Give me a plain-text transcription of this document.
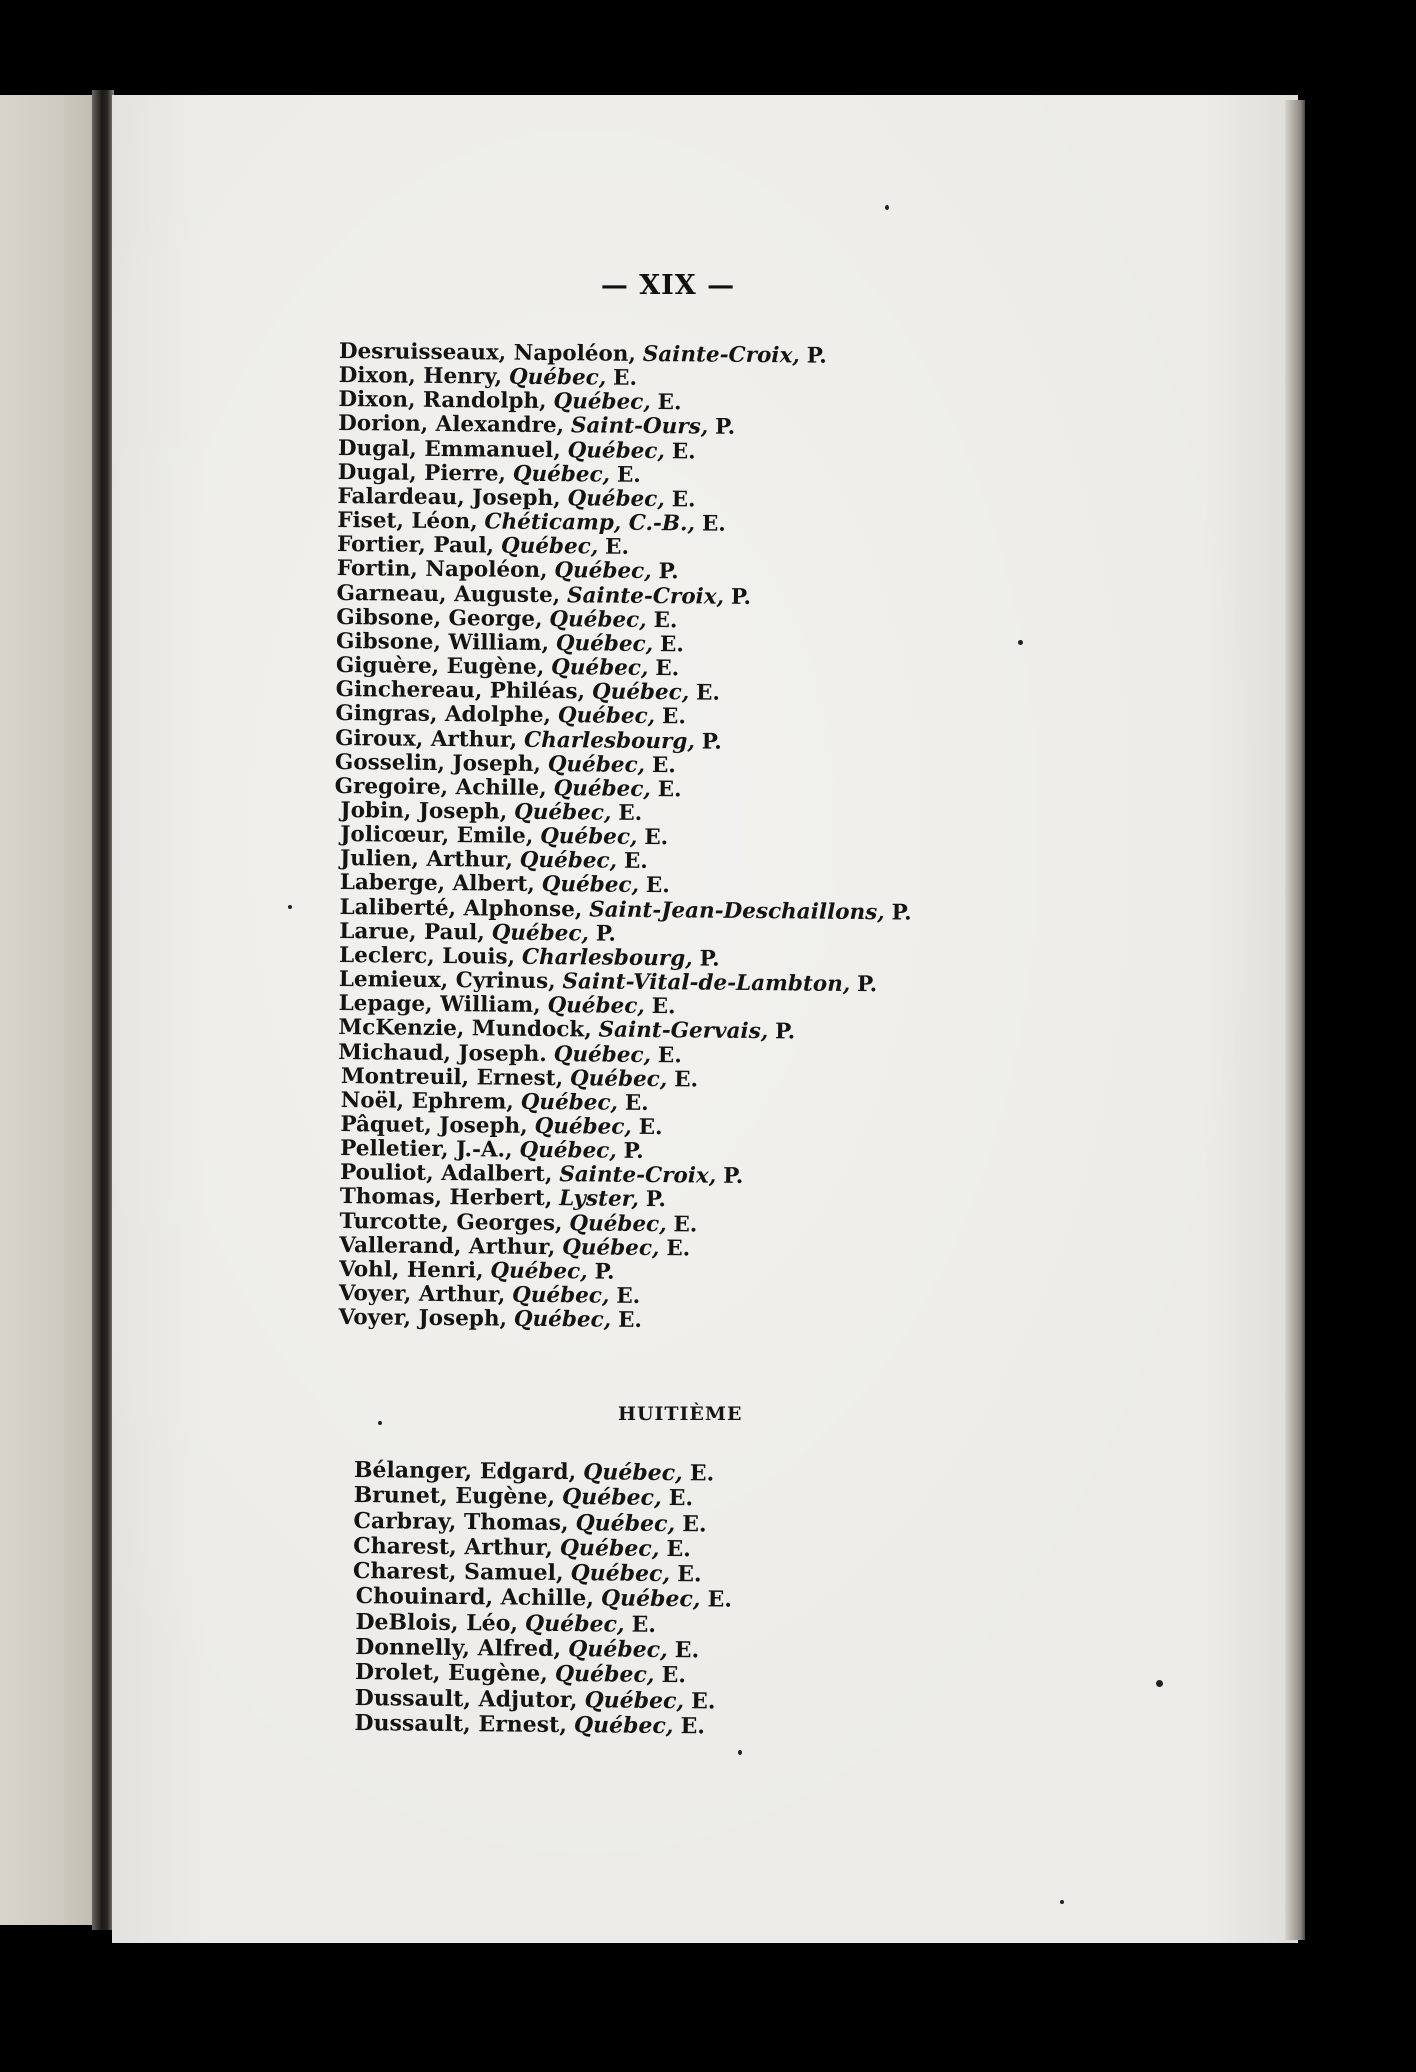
— XIX —
Desruisseaux, Napoléon, Sainte-Croix, P.
Dixon, Henry, Québec, E.
Dixon, Randolph, Québec, E.
Dorion, Alexandre, Saint-Ours, P.
Dugal, Emmanuel, Québec, E.
Dugal, Pierre, Québec, E.
Falardeau, Joseph, Québec, E.
Fiset, Léon, Chéticamp, C.-B., E.
Fortier, Paul, Québec, E.
Fortin, Napoléon, Québec, P.
Garneau, Auguste, Sainte-Croix, P.
Gibsone, George, Québec, E.
Gibsone, William, Québec, E.
Giguère, Eugène, Québec, E.
Ginchereau, Philéas, Québec, E.
Gingras, Adolphe, Québec, E.
Giroux, Arthur, Charlesbourg, P.
Gosselin, Joseph, Québec, E.
Gregoire, Achille, Québec, E.
Jobin, Joseph, Québec, E.
Jolicœur, Emile, Québec, E.
Julien, Arthur, Québec, E.
Laberge, Albert, Québec, E.
Laliberté, Alphonse, Saint-Jean-Deschaillons, P.
Larue, Paul, Québec, P.
Leclerc, Louis, Charlesbourg, P.
Lemieux, Cyrinus, Saint-Vital-de-Lambton, P.
Lepage, William, Québec, E.
McKenzie, Mundock, Saint-Gervais, P.
Michaud, Joseph. Québec, E.
Montreuil, Ernest, Québec, E.
Noël, Ephrem, Québec, E.
Pâquet, Joseph, Québec, E.
Pelletier, J.-A., Québec, P.
Pouliot, Adalbert, Sainte-Croix, P.
Thomas, Herbert, Lyster, P.
Turcotte, Georges, Québec, E.
Vallerand, Arthur, Québec, E.
Vohl, Henri, Québec, P.
Voyer, Arthur, Québec, E.
Voyer, Joseph, Québec, E.
HUITIÈME
Bélanger, Edgard, Québec, E.
Brunet, Eugène, Québec, E.
Carbray, Thomas, Québec, E.
Charest, Arthur, Québec, E.
Charest, Samuel, Québec, E.
Chouinard, Achille, Québec, E.
DeBlois, Léo, Québec, E.
Donnelly, Alfred, Québec, E.
Drolet, Eugène, Québec, E.
Dussault, Adjutor, Québec, E.
Dussault, Ernest, Québec, E.
